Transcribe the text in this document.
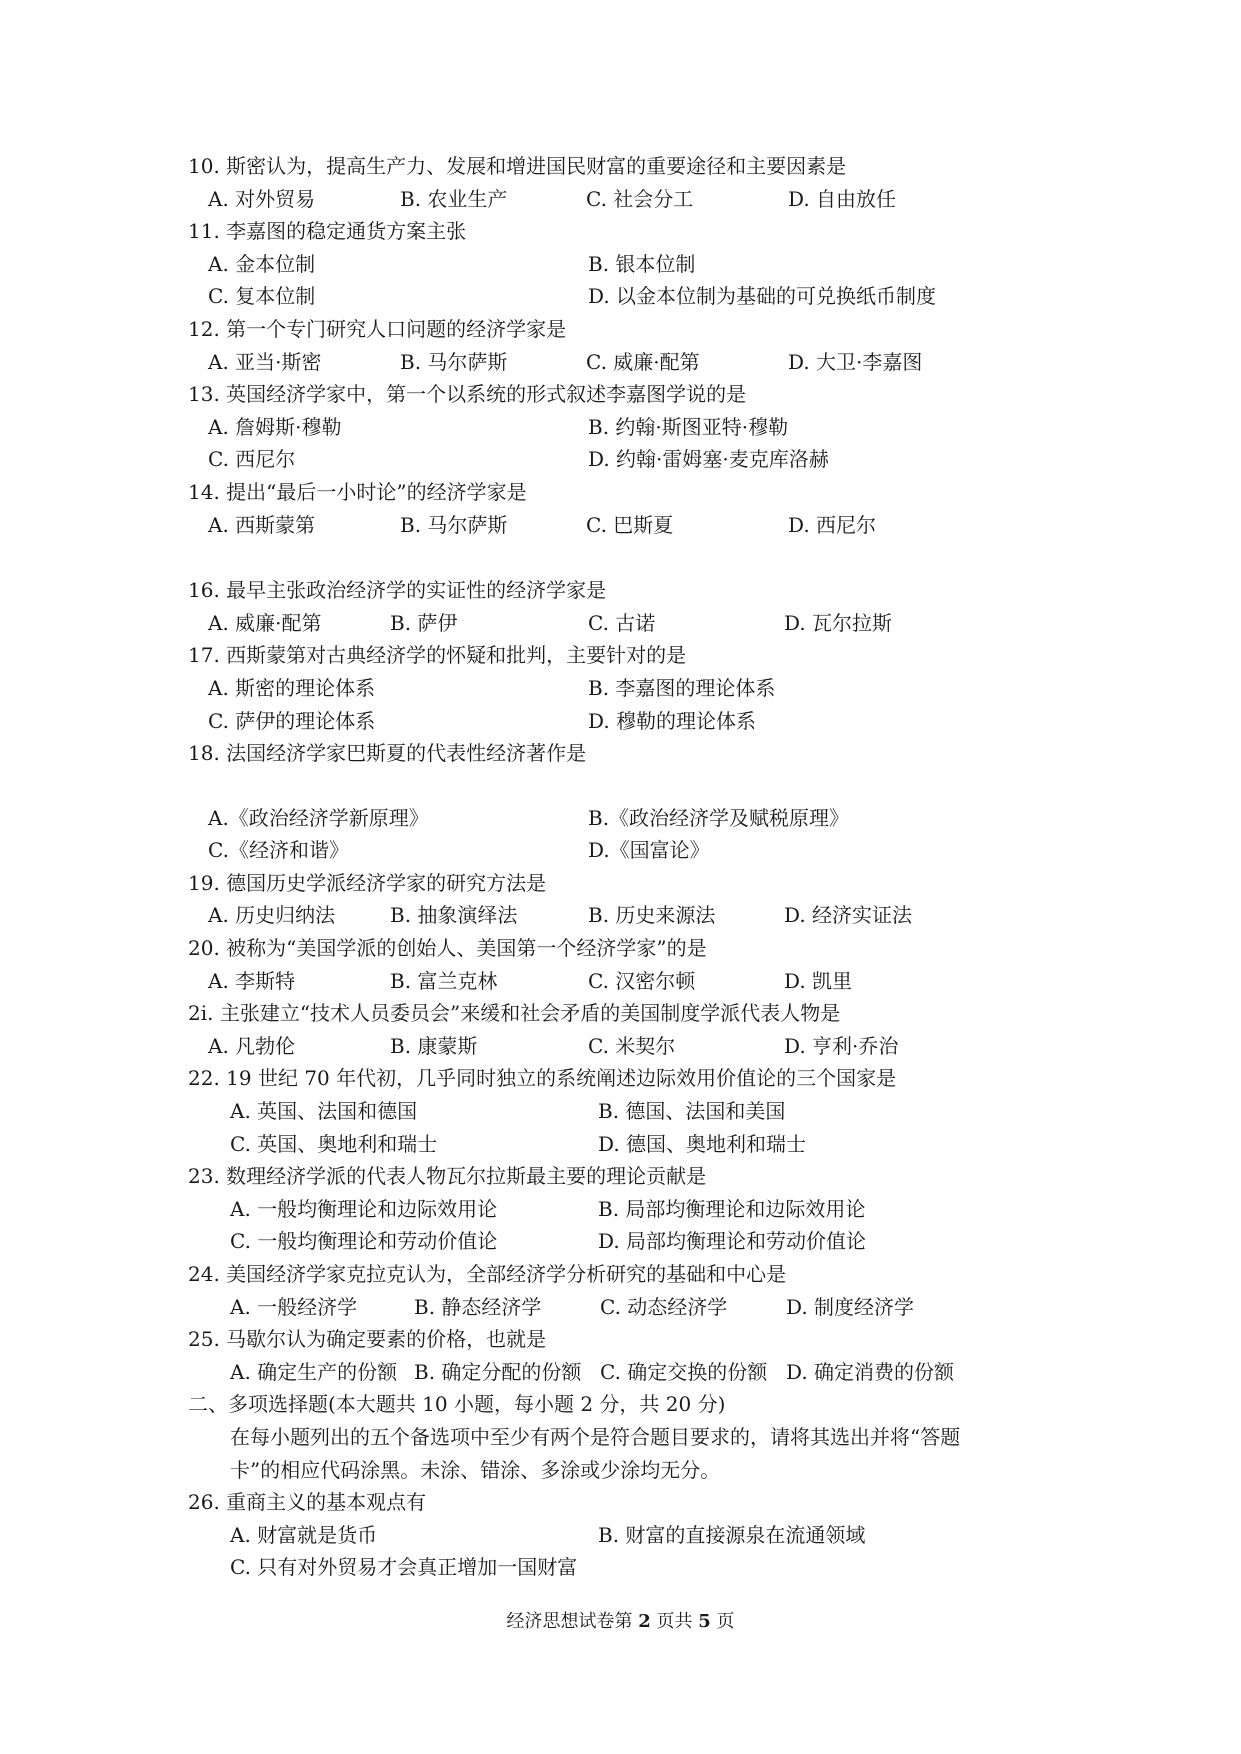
10. 斯密认为，提高生产力、发展和增进国民财富的重要途径和主要因素是
A. 对外贸易	B. 农业生产	C. 社会分工	D. 自由放任
11. 李嘉图的稳定通货方案主张
A. 金本位制	B. 银本位制
C. 复本位制	D. 以金本位制为基础的可兑换纸币制度
12. 第一个专门研究人口问题的经济学家是
A. 亚当·斯密	B. 马尔萨斯	C. 威廉·配第	D. 大卫·李嘉图
13. 英国经济学家中，第一个以系统的形式叙述李嘉图学说的是
A. 詹姆斯·穆勒	B. 约翰·斯图亚特·穆勒
C. 西尼尔	D. 约翰·雷姆塞·麦克库洛赫
14. 提出“最后一小时论”的经济学家是
A. 西斯蒙第	B. 马尔萨斯	C. 巴斯夏	D. 西尼尔
16. 最早主张政治经济学的实证性的经济学家是
A. 威廉·配第	B. 萨伊	C. 古诺	D. 瓦尔拉斯
17. 西斯蒙第对古典经济学的怀疑和批判，主要针对的是
A. 斯密的理论体系	B. 李嘉图的理论体系
C. 萨伊的理论体系	D. 穆勒的理论体系
18. 法国经济学家巴斯夏的代表性经济著作是
A.《政治经济学新原理》	B.《政治经济学及赋税原理》
C.《经济和谐》	D.《国富论》
19. 德国历史学派经济学家的研究方法是
A. 历史归纳法	B. 抽象演绎法	B. 历史来源法	D. 经济实证法
20. 被称为“美国学派的创始人、美国第一个经济学家”的是
A. 李斯特	B. 富兰克林	C. 汉密尔顿	D. 凯里
2i. 主张建立“技术人员委员会”来缓和社会矛盾的美国制度学派代表人物是
A. 凡勃伦	B. 康蒙斯	C. 米契尔	D. 亨利·乔治
22. 19 世纪 70 年代初，几乎同时独立的系统阐述边际效用价值论的三个国家是
A. 英国、法国和德国	B. 德国、法国和美国
C. 英国、奥地利和瑞士	D. 德国、奥地利和瑞士
23. 数理经济学派的代表人物瓦尔拉斯最主要的理论贡献是
A. 一般均衡理论和边际效用论	B. 局部均衡理论和边际效用论
C. 一般均衡理论和劳动价值论	D. 局部均衡理论和劳动价值论
24. 美国经济学家克拉克认为，全部经济学分析研究的基础和中心是
A. 一般经济学	B. 静态经济学	C. 动态经济学	D. 制度经济学
25. 马歇尔认为确定要素的价格，也就是
A. 确定生产的份额 B. 确定分配的份额 C. 确定交换的份额 D. 确定消费的份额
二、多项选择题(本大题共 10 小题，每小题 2 分，共 20 分)
在每小题列出的五个备选项中至少有两个是符合题目要求的，请将其选出并将“答题
卡”的相应代码涂黑。未涂、错涂、多涂或少涂均无分。
26. 重商主义的基本观点有
A. 财富就是货币	B. 财富的直接源泉在流通领域
C. 只有对外贸易才会真正增加一国财富
经济思想试卷第 2 页共 5 页
